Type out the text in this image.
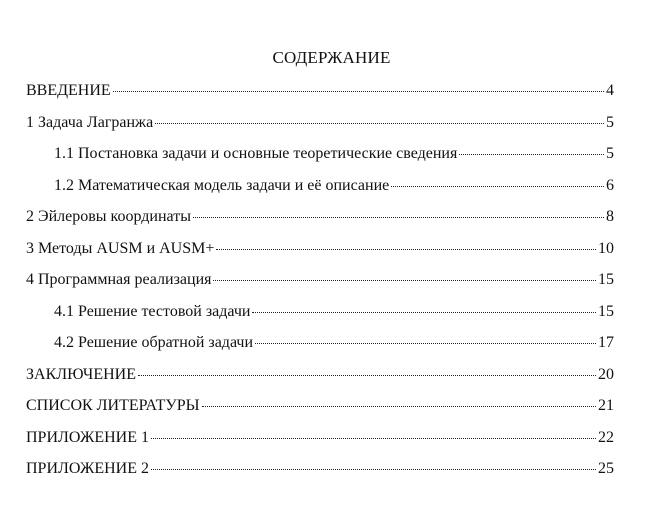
СОДЕРЖАНИЕ
ВВЕДЕНИЕ	4
1 Задача Лагранжа	5
1.1 Постановка задачи и основные теоретические сведения	5
1.2 Математическая модель задачи и её описание	6
2 Эйлеровы координаты	8
3 Методы AUSM и AUSM+	10
4 Программная реализация	15
4.1 Решение тестовой задачи	15
4.2 Решение обратной задачи	17
ЗАКЛЮЧЕНИЕ	20
СПИСОК ЛИТЕРАТУРЫ	21
ПРИЛОЖЕНИЕ 1	22
ПРИЛОЖЕНИЕ 2	25
